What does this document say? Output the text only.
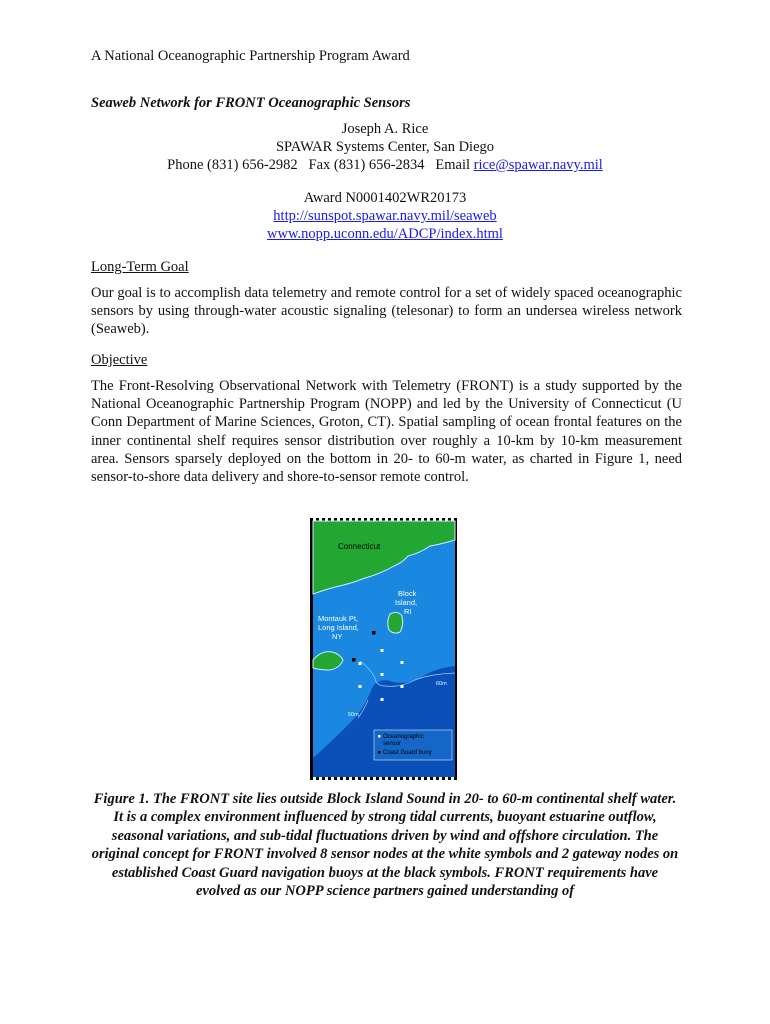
A National Oceanographic Partnership Program Award
Seaweb Network for FRONT Oceanographic Sensors
Joseph A. Rice
SPAWAR Systems Center, San Diego
Phone (831) 656-2982   Fax (831) 656-2834   Email rice@spawar.navy.mil
Award N0001402WR20173
http://sunspot.spawar.navy.mil/seaweb
www.nopp.uconn.edu/ADCP/index.html
Long-Term Goal
Our goal is to accomplish data telemetry and remote control for a set of widely spaced oceanographic sensors by using through-water acoustic signaling (telesonar) to form an undersea wireless network (Seaweb).
Objective
The Front-Resolving Observational Network with Telemetry (FRONT) is a study supported by the National Oceanographic Partnership Program (NOPP) and led by the University of Connecticut (U Conn Department of Marine Sciences, Groton, CT). Spatial sampling of ocean frontal features on the inner continental shelf requires sensor distribution over roughly a 10-km by 10-km measurement area. Sensors sparsely deployed on the bottom in 20- to 60-m water, as charted in Figure 1, need sensor-to-shore data delivery and shore-to-sensor remote control.
Connecticut
Block
Island,
RI
Montauk Pt,
Long Island,
NY
60m
50m
Oceanographic
sensor
Coast Guard buoy
Figure 1. The FRONT site lies outside Block Island Sound in 20- to 60-m continental shelf water. It is a complex environment influenced by strong tidal currents, buoyant estuarine outflow, seasonal variations, and sub-tidal fluctuations driven by wind and offshore circulation. The original concept for FRONT involved 8 sensor nodes at the white symbols and 2 gateway nodes on established Coast Guard navigation buoys at the black symbols. FRONT requirements have evolved as our NOPP science partners gained understanding of
